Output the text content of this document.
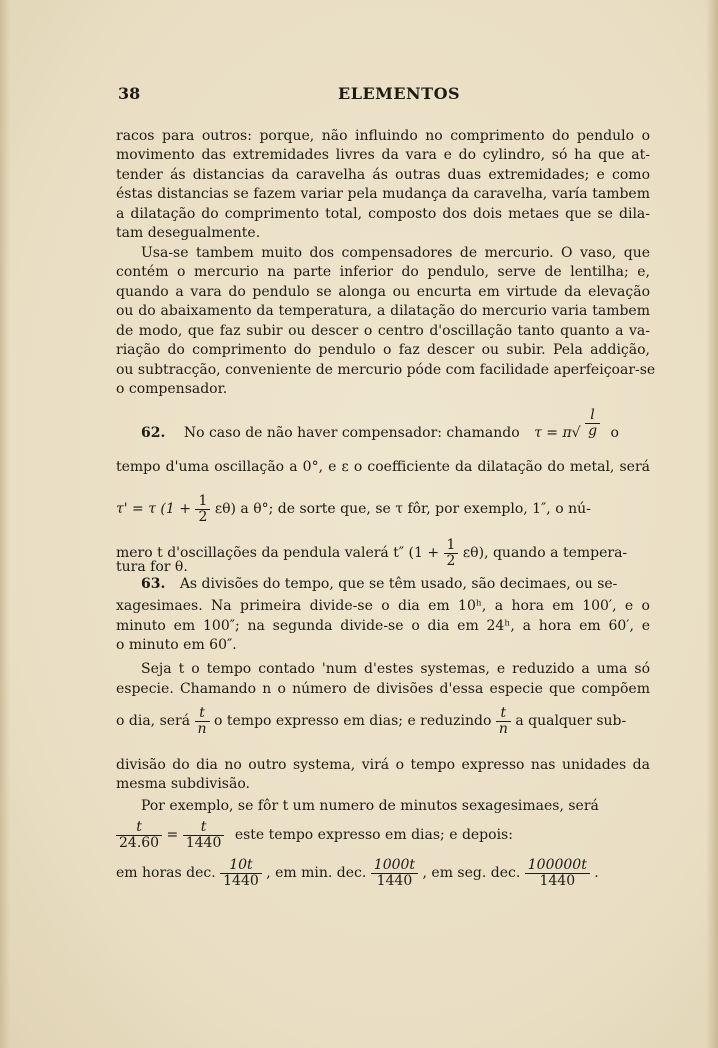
38	ELEMENTOS
racos para outros: porque, não influindo no comprimento do pendulo o
movimento das extremidades livres da vara e do cylindro, só ha que at-
tender ás distancias da caravelha ás outras duas extremidades; e como
éstas distancias se fazem variar pela mudança da caravelha, varía tambem
a dilatação do comprimento total, composto dos dois metaes que se dila-
tam desegualmente.
Usa-se tambem muito dos compensadores de mercurio. O vaso, que
contém o mercurio na parte inferior do pendulo, serve de lentilha; e,
quando a vara do pendulo se alonga ou encurta em virtude da elevação
ou do abaixamento da temperatura, a dilatação do mercurio varia tambem
de modo, que faz subir ou descer o centro d'oscillação tanto quanto a va-
riação do comprimento do pendulo o faz descer ou subir. Pela addição,
ou subtracção, conveniente de mercurio póde com facilidade aperfeiçoar-se
o compensador.
62. No caso de não haver compensador: chamando $\tau = \pi√ \frac{l}{g}$ o
tempo d'uma oscillação a 0°, e ε o coefficiente da dilatação do metal, será
τ' = τ $(1 + \frac{1}{2} \varepsilon\theta)$ a θ°; de sorte que, se τ fôr, por exemplo, 1″, o nú-
mero t d'oscillações da pendula valerá t″ $(1 + \frac{1}{2} \varepsilon\theta)$, quando a tempera-
tura for θ.
63. As divisões do tempo, que se têm usado, são decimaes, ou se-
xagesimaes. Na primeira divide-se o dia em 10ʰ, a hora em 100′, e o
minuto em 100″; na segunda divide-se o dia em 24ʰ, a hora em 60′, e
o minuto em 60″.
Seja t o tempo contado 'num d'estes systemas, e reduzido a uma só
especie. Chamando n o número de divisões d'essa especie que compõem
o dia, será $\frac{t}{n}$ o tempo expresso em dias; e reduzindo $\frac{t}{n}$ a qualquer sub-
divisão do dia no outro systema, virá o tempo expresso nas unidades da
mesma subdivisão.
Por exemplo, se fôr t um numero de minutos sexagesimaes, será
$\frac{t}{24.60} = \frac{t}{1440}$ este tempo expresso em dias; e depois:
em horas dec. $\frac{10t}{1440}$ , em min. dec. $\frac{1000t}{1440}$ , em seg. dec. $\frac{100000t}{1440}$ .
